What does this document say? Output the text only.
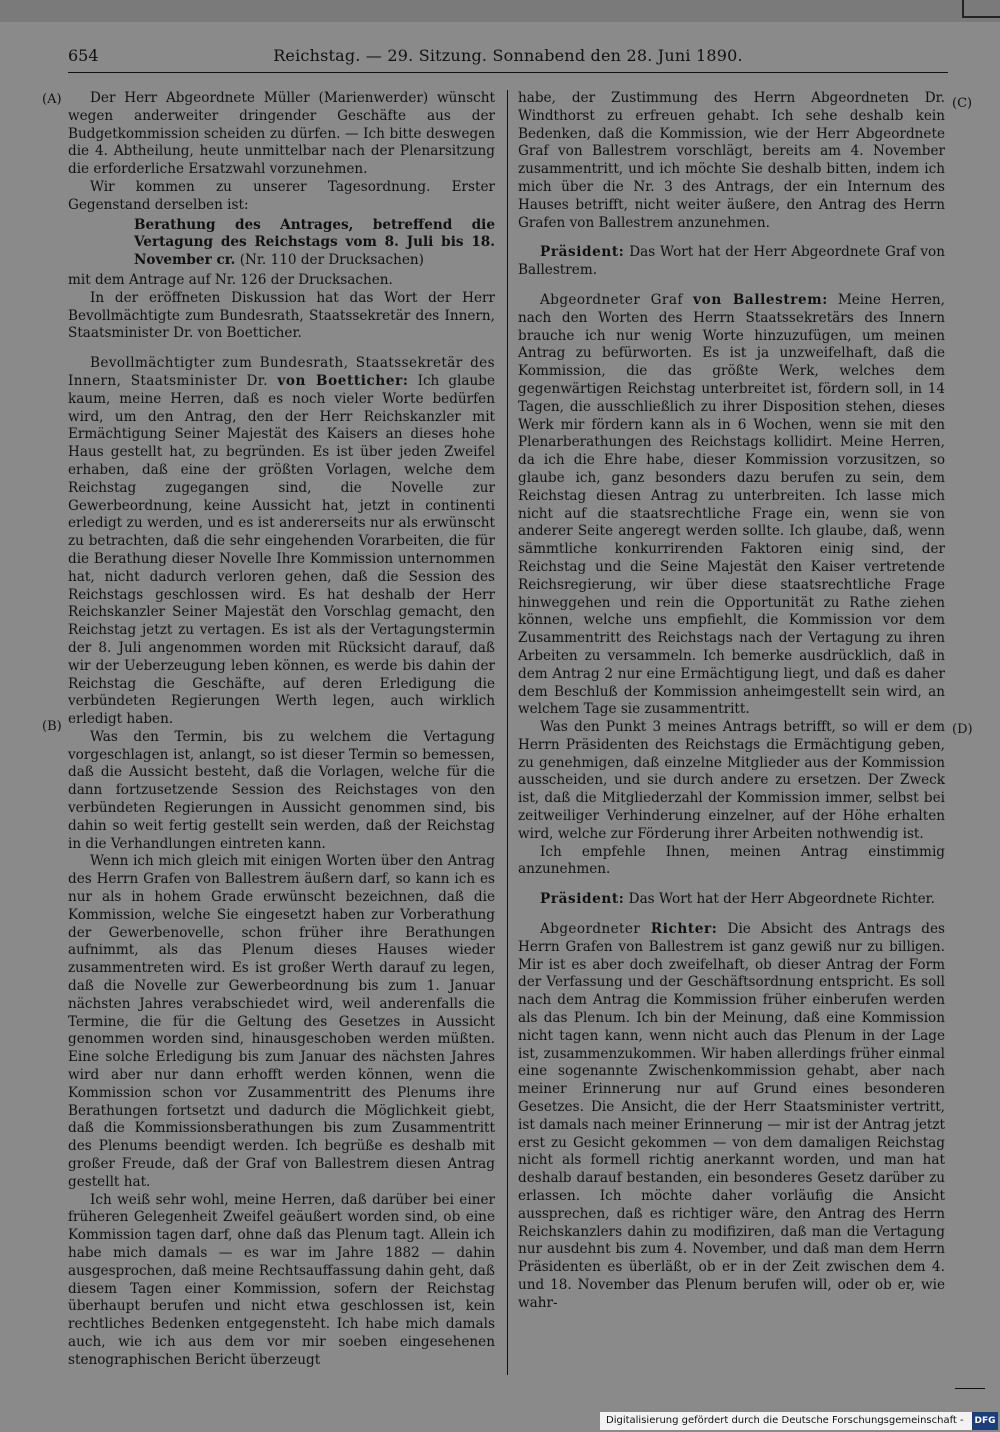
654	Reichstag. — 29. Sitzung. Sonnabend den 28. Juni 1890.
(A)
(B)
(C)
(D)

Der Herr Abgeordnete Müller (Marienwerder) wünscht wegen anderweiter dringender Geschäfte aus der Budgetkommission scheiden zu dürfen. — Ich bitte deswegen die 4. Abtheilung, heute unmittelbar nach der Plenarsitzung die erforderliche Ersatzwahl vorzunehmen.

Wir kommen zu unserer Tagesordnung. Erster Gegenstand derselben ist:

Berathung des Antrages, betreffend die Vertagung des Reichstags vom 8. Juli bis 18. November cr. (Nr. 110 der Drucksachen)

mit dem Antrage auf Nr. 126 der Drucksachen.

In der eröffneten Diskussion hat das Wort der Herr Bevollmächtigte zum Bundesrath, Staatssekretär des Innern, Staatsminister Dr. von Boetticher.

Bevollmächtigter zum Bundesrath, Staatssekretär des Innern, Staatsminister Dr. von Boetticher: Ich glaube kaum, meine Herren, daß es noch vieler Worte bedürfen wird, um den Antrag, den der Herr Reichskanzler mit Ermächtigung Seiner Majestät des Kaisers an dieses hohe Haus gestellt hat, zu begründen. Es ist über jeden Zweifel erhaben, daß eine der größten Vorlagen, welche dem Reichstag zugegangen sind, die Novelle zur Gewerbeordnung, keine Aussicht hat, jetzt in continenti erledigt zu werden, und es ist andererseits nur als erwünscht zu betrachten, daß die sehr eingehenden Vorarbeiten, die für die Berathung dieser Novelle Ihre Kommission unternommen hat, nicht dadurch verloren gehen, daß die Session des Reichstags geschlossen wird. Es hat deshalb der Herr Reichskanzler Seiner Majestät den Vorschlag gemacht, den Reichstag jetzt zu vertagen. Es ist als der Vertagungstermin der 8. Juli angenommen worden mit Rücksicht darauf, daß wir der Ueberzeugung leben können, es werde bis dahin der Reichstag die Geschäfte, auf deren Erledigung die verbündeten Regierungen Werth legen, auch wirklich erledigt haben.

Was den Termin, bis zu welchem die Vertagung vorgeschlagen ist, anlangt, so ist dieser Termin so bemessen, daß die Aussicht besteht, daß die Vorlagen, welche für die dann fortzusetzende Session des Reichstages von den verbündeten Regierungen in Aussicht genommen sind, bis dahin so weit fertig gestellt sein werden, daß der Reichstag in die Verhandlungen eintreten kann.

Wenn ich mich gleich mit einigen Worten über den Antrag des Herrn Grafen von Ballestrem äußern darf, so kann ich es nur als in hohem Grade erwünscht bezeichnen, daß die Kommission, welche Sie eingesetzt haben zur Vorberathung der Gewerbenovelle, schon früher ihre Berathungen aufnimmt, als das Plenum dieses Hauses wieder zusammentreten wird. Es ist großer Werth darauf zu legen, daß die Novelle zur Gewerbeordnung bis zum 1. Januar nächsten Jahres verabschiedet wird, weil anderenfalls die Termine, die für die Geltung des Gesetzes in Aussicht genommen worden sind, hinausgeschoben werden müßten. Eine solche Erledigung bis zum Januar des nächsten Jahres wird aber nur dann erhofft werden können, wenn die Kommission schon vor Zusammentritt des Plenums ihre Berathungen fortsetzt und dadurch die Möglichkeit giebt, daß die Kommissionsberathungen bis zum Zusammentritt des Plenums beendigt werden. Ich begrüße es deshalb mit großer Freude, daß der Graf von Ballestrem diesen Antrag gestellt hat.

Ich weiß sehr wohl, meine Herren, daß darüber bei einer früheren Gelegenheit Zweifel geäußert worden sind, ob eine Kommission tagen darf, ohne daß das Plenum tagt. Allein ich habe mich damals — es war im Jahre 1882 — dahin ausgesprochen, daß meine Rechtsauffassung dahin geht, daß diesem Tagen einer Kommission, sofern der Reichstag überhaupt berufen und nicht etwa geschlossen ist, kein rechtliches Bedenken entgegensteht. Ich habe mich damals auch, wie ich aus dem vor mir soeben eingesehenen stenographischen Bericht überzeugt

habe, der Zustimmung des Herrn Abgeordneten Dr. Windthorst zu erfreuen gehabt. Ich sehe deshalb kein Bedenken, daß die Kommission, wie der Herr Abgeordnete Graf von Ballestrem vorschlägt, bereits am 4. November zusammentritt, und ich möchte Sie deshalb bitten, indem ich mich über die Nr. 3 des Antrags, der ein Internum des Hauses betrifft, nicht weiter äußere, den Antrag des Herrn Grafen von Ballestrem anzunehmen.

Präsident: Das Wort hat der Herr Abgeordnete Graf von Ballestrem.

Abgeordneter Graf von Ballestrem: Meine Herren, nach den Worten des Herrn Staatssekretärs des Innern brauche ich nur wenig Worte hinzuzufügen, um meinen Antrag zu befürworten. Es ist ja unzweifelhaft, daß die Kommission, die das größte Werk, welches dem gegenwärtigen Reichstag unterbreitet ist, fördern soll, in 14 Tagen, die ausschließlich zu ihrer Disposition stehen, dieses Werk mir fördern kann als in 6 Wochen, wenn sie mit den Plenarberathungen des Reichstags kollidirt. Meine Herren, da ich die Ehre habe, dieser Kommission vorzusitzen, so glaube ich, ganz besonders dazu berufen zu sein, dem Reichstag diesen Antrag zu unterbreiten. Ich lasse mich nicht auf die staatsrechtliche Frage ein, wenn sie von anderer Seite angeregt werden sollte. Ich glaube, daß, wenn sämmtliche konkurrirenden Faktoren einig sind, der Reichstag und die Seine Majestät den Kaiser vertretende Reichsregierung, wir über diese staatsrechtliche Frage hinweggehen und rein die Opportunität zu Rathe ziehen können, welche uns empfiehlt, die Kommission vor dem Zusammentritt des Reichstags nach der Vertagung zu ihren Arbeiten zu versammeln. Ich bemerke ausdrücklich, daß in dem Antrag 2 nur eine Ermächtigung liegt, und daß es daher dem Beschluß der Kommission anheimgestellt sein wird, an welchem Tage sie zusammentritt.

Was den Punkt 3 meines Antrags betrifft, so will er dem Herrn Präsidenten des Reichstags die Ermächtigung geben, zu genehmigen, daß einzelne Mitglieder aus der Kommission ausscheiden, und sie durch andere zu ersetzen. Der Zweck ist, daß die Mitgliederzahl der Kommission immer, selbst bei zeitweiliger Verhinderung einzelner, auf der Höhe erhalten wird, welche zur Förderung ihrer Arbeiten nothwendig ist.

Ich empfehle Ihnen, meinen Antrag einstimmig anzunehmen.

Präsident: Das Wort hat der Herr Abgeordnete Richter.

Abgeordneter Richter: Die Absicht des Antrags des Herrn Grafen von Ballestrem ist ganz gewiß nur zu billigen. Mir ist es aber doch zweifelhaft, ob dieser Antrag der Form der Verfassung und der Geschäftsordnung entspricht. Es soll nach dem Antrag die Kommission früher einberufen werden als das Plenum. Ich bin der Meinung, daß eine Kommission nicht tagen kann, wenn nicht auch das Plenum in der Lage ist, zusammenzukommen. Wir haben allerdings früher einmal eine sogenannte Zwischenkommission gehabt, aber nach meiner Erinnerung nur auf Grund eines besonderen Gesetzes. Die Ansicht, die der Herr Staatsminister vertritt, ist damals nach meiner Erinnerung — mir ist der Antrag jetzt erst zu Gesicht gekommen — von dem damaligen Reichstag nicht als formell richtig anerkannt worden, und man hat deshalb darauf bestanden, ein besonderes Gesetz darüber zu erlassen. Ich möchte daher vorläufig die Ansicht aussprechen, daß es richtiger wäre, den Antrag des Herrn Reichskanzlers dahin zu modifiziren, daß man die Vertagung nur ausdehnt bis zum 4. November, und daß man dem Herrn Präsidenten es überläßt, ob er in der Zeit zwischen dem 4. und 18. November das Plenum berufen will, oder ob er, wie wahr-

Digitalisierung gefördert durch die Deutsche Forschungsgemeinschaft -	DFG
